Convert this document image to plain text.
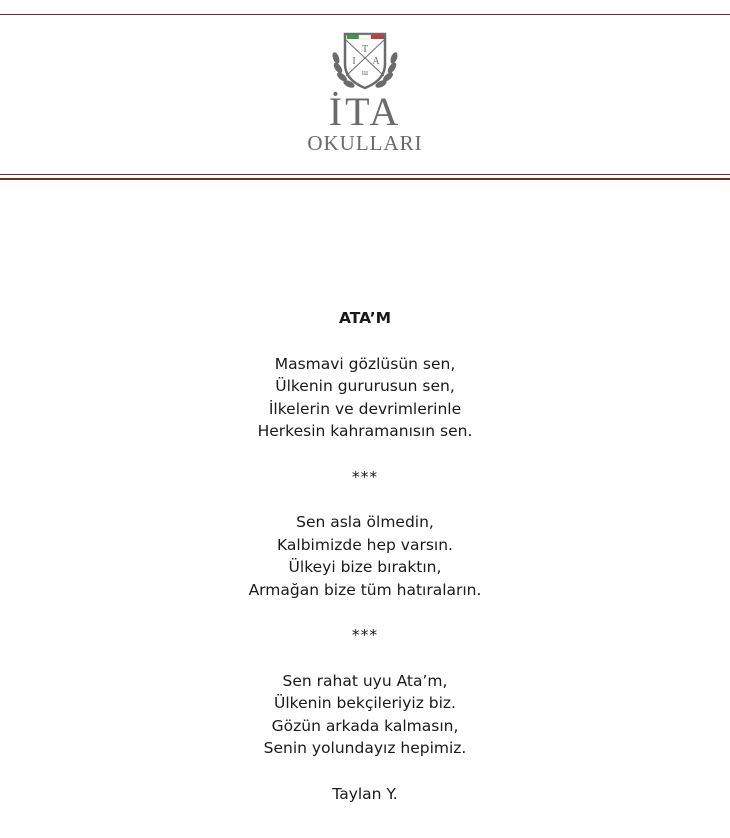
T
I A
ш
İTA
OKULLARI
ATA’M
Masmavi gözlüsün sen,
Ülkenin gururusun sen,
İlkelerin ve devrimlerinle
Herkesin kahramanısın sen.
***
Sen asla ölmedin,
Kalbimizde hep varsın.
Ülkeyi bize bıraktın,
Armağan bize tüm hatıraların.
***
Sen rahat uyu Ata’m,
Ülkenin bekçileriyiz biz.
Gözün arkada kalmasın,
Senin yolundayız hepimiz.
Taylan Y.
